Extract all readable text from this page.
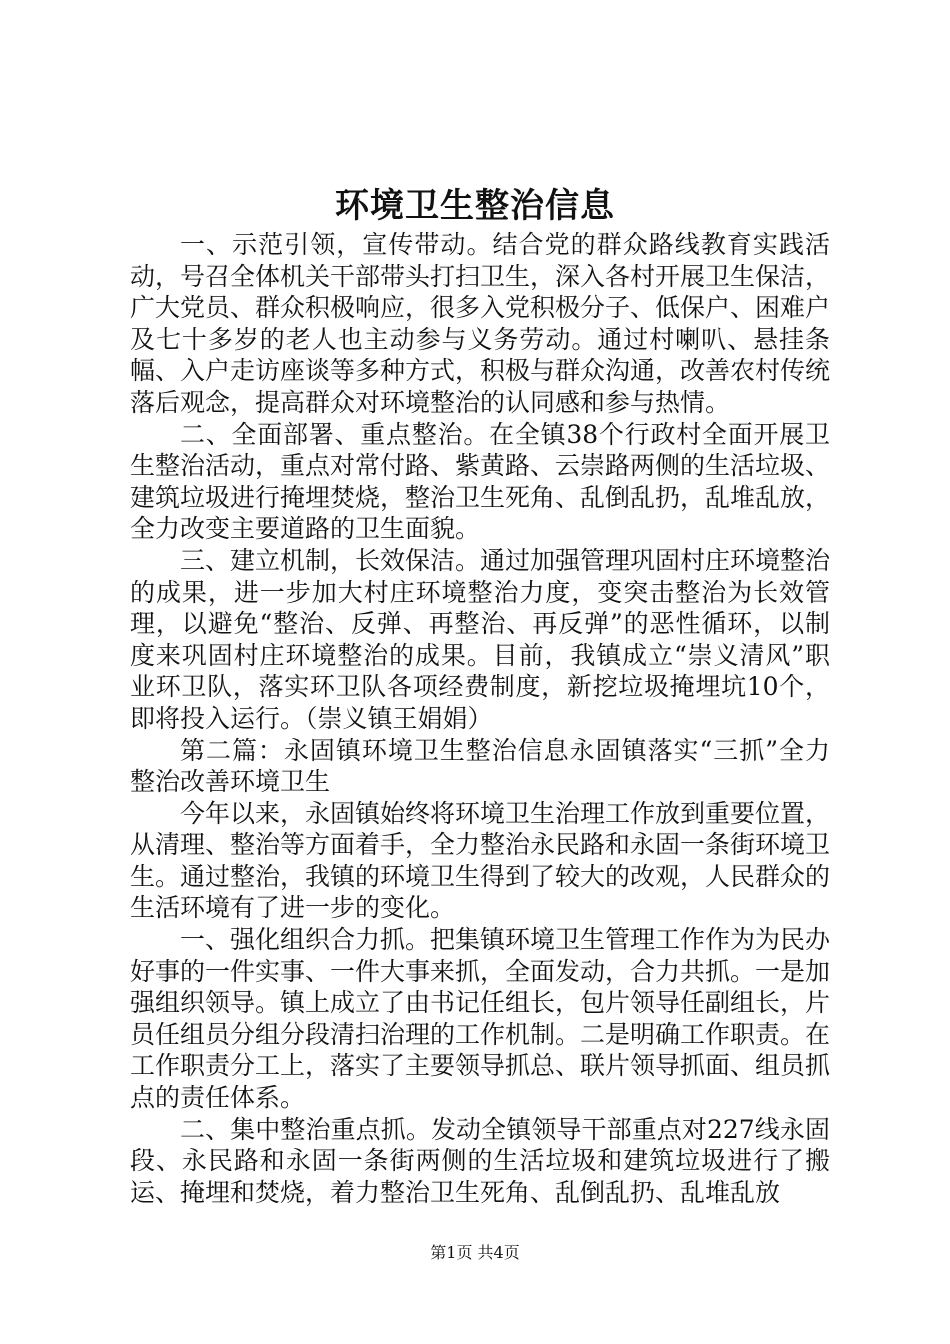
环境卫生整治信息

一、示范引领，宣传带动。结合党的群众路线教育实践活动，号召全体机关干部带头打扫卫生，深入各村开展卫生保洁，广大党员、群众积极响应，很多入党积极分子、低保户、困难户及七十多岁的老人也主动参与义务劳动。通过村喇叭、悬挂条幅、入户走访座谈等多种方式，积极与群众沟通，改善农村传统落后观念，提高群众对环境整治的认同感和参与热情。

二、全面部署、重点整治。在全镇38个行政村全面开展卫生整治活动，重点对常付路、紫黄路、云崇路两侧的生活垃圾、建筑垃圾进行掩埋焚烧，整治卫生死角、乱倒乱扔，乱堆乱放，全力改变主要道路的卫生面貌。

三、建立机制，长效保洁。通过加强管理巩固村庄环境整治的成果，进一步加大村庄环境整治力度，变突击整治为长效管理，以避免“整治、反弹、再整治、再反弹”的恶性循环，以制度来巩固村庄环境整治的成果。目前，我镇成立“崇义清风”职业环卫队，落实环卫队各项经费制度，新挖垃圾掩埋坑10个，即将投入运行。（崇义镇王娟娟）

第二篇：永固镇环境卫生整治信息永固镇落实“三抓”全力整治改善环境卫生

今年以来，永固镇始终将环境卫生治理工作放到重要位置，从清理、整治等方面着手，全力整治永民路和永固一条街环境卫生。通过整治，我镇的环境卫生得到了较大的改观，人民群众的生活环境有了进一步的变化。

一、强化组织合力抓。把集镇环境卫生管理工作作为为民办好事的一件实事、一件大事来抓，全面发动，合力共抓。一是加强组织领导。镇上成立了由书记任组长，包片领导任副组长，片员任组员分组分段清扫治理的工作机制。二是明确工作职责。在工作职责分工上，落实了主要领导抓总、联片领导抓面、组员抓点的责任体系。

二、集中整治重点抓。发动全镇领导干部重点对227线永固段、永民路和永固一条街两侧的生活垃圾和建筑垃圾进行了搬运、掩埋和焚烧，着力整治卫生死角、乱倒乱扔、乱堆乱放

第1页 共4页
